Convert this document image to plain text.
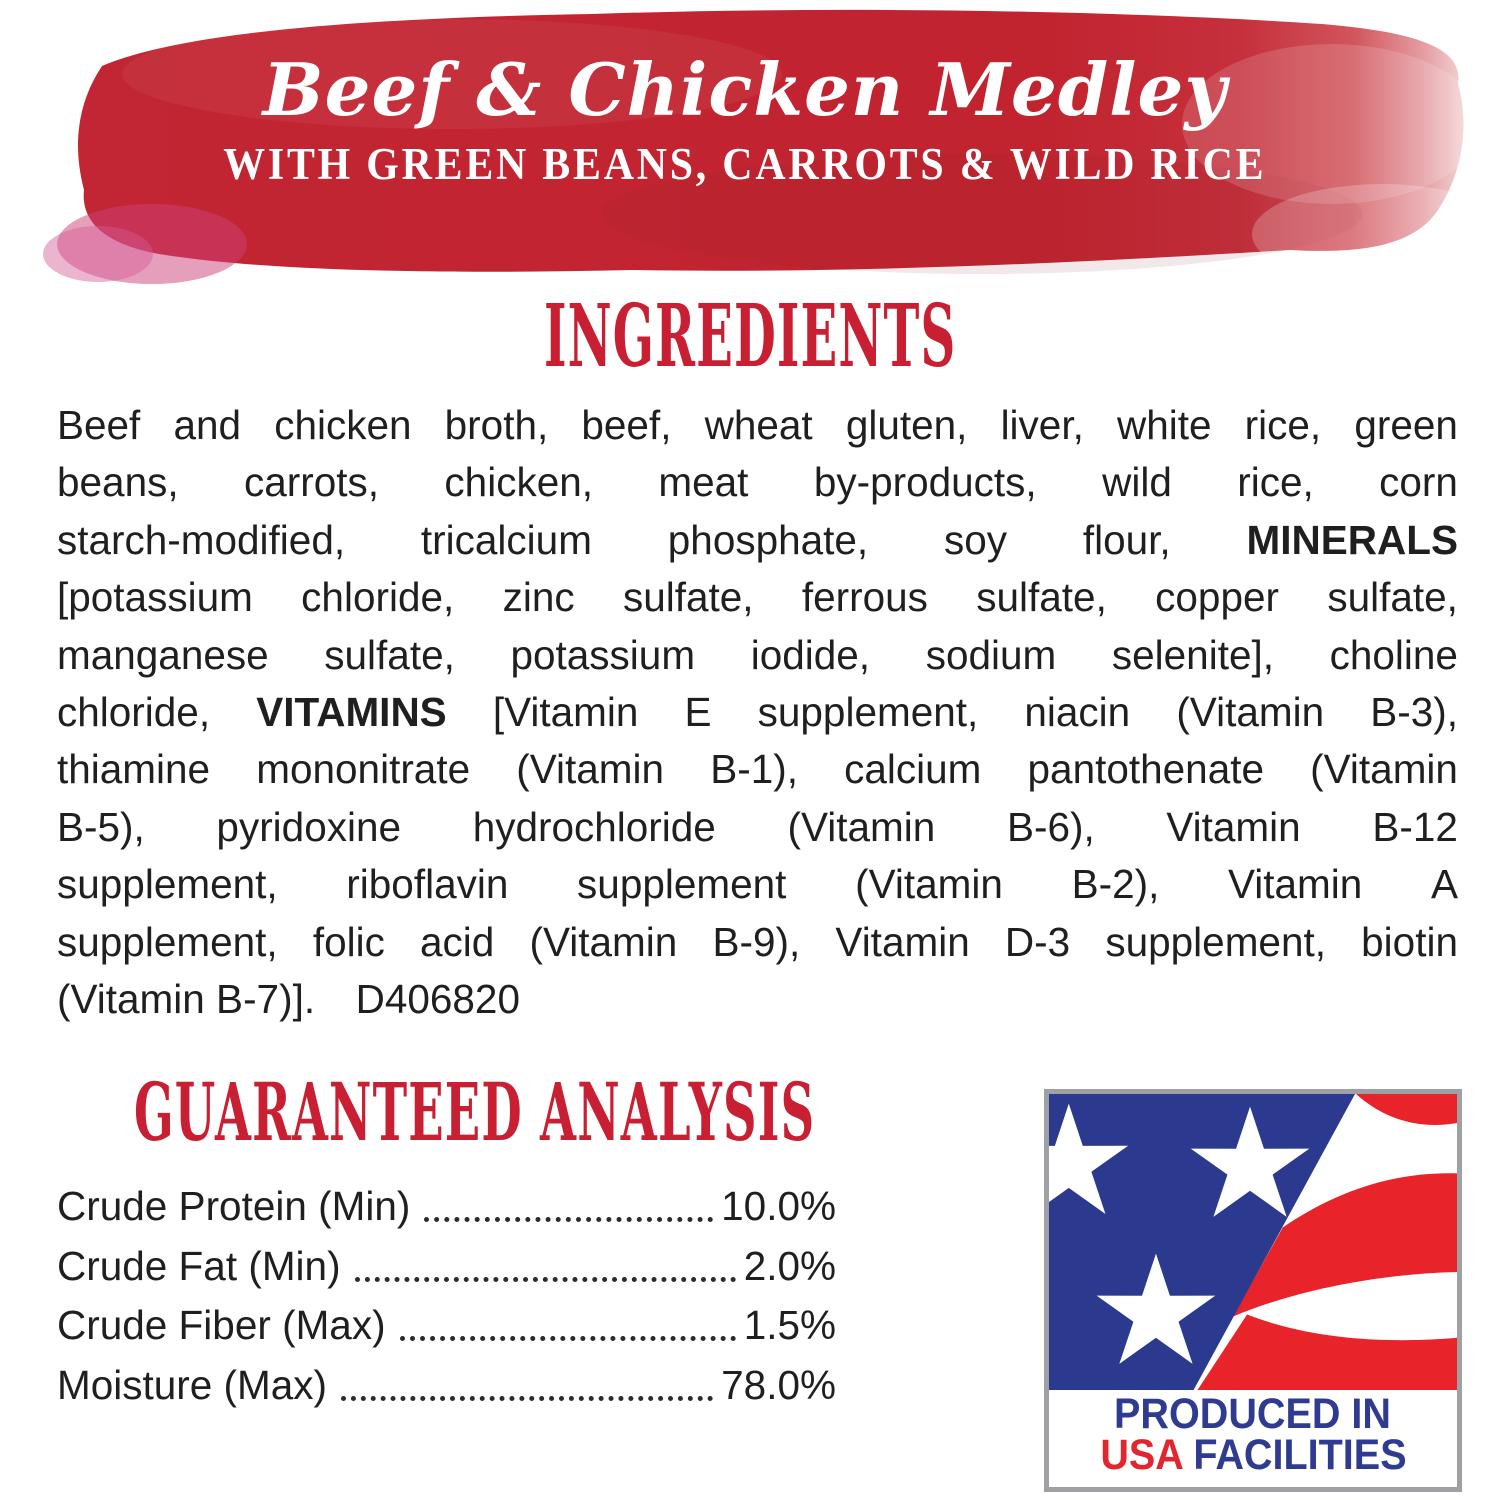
Beef & Chicken Medley
WITH GREEN BEANS, CARROTS & WILD RICE
INGREDIENTS
Beef and chicken broth, beef, wheat gluten, liver, white rice, green
beans, carrots, chicken, meat by-products, wild rice, corn
starch-modified, tricalcium phosphate, soy flour, MINERALS
[potassium chloride, zinc sulfate, ferrous sulfate, copper sulfate,
manganese sulfate, potassium iodide, sodium selenite], choline
chloride, VITAMINS [Vitamin E supplement, niacin (Vitamin B-3),
thiamine mononitrate (Vitamin B-1), calcium pantothenate (Vitamin
B-5), pyridoxine hydrochloride (Vitamin B-6), Vitamin B-12
supplement, riboflavin supplement (Vitamin B-2), Vitamin A
supplement, folic acid (Vitamin B-9), Vitamin D-3 supplement, biotin
(Vitamin B-7)]. D406820
GUARANTEED ANALYSIS
Crude Protein (Min)	10.0%
Crude Fat (Min)	2.0%
Crude Fiber (Max)	1.5%
Moisture (Max)	78.0%
PRODUCED IN
USA FACILITIES
